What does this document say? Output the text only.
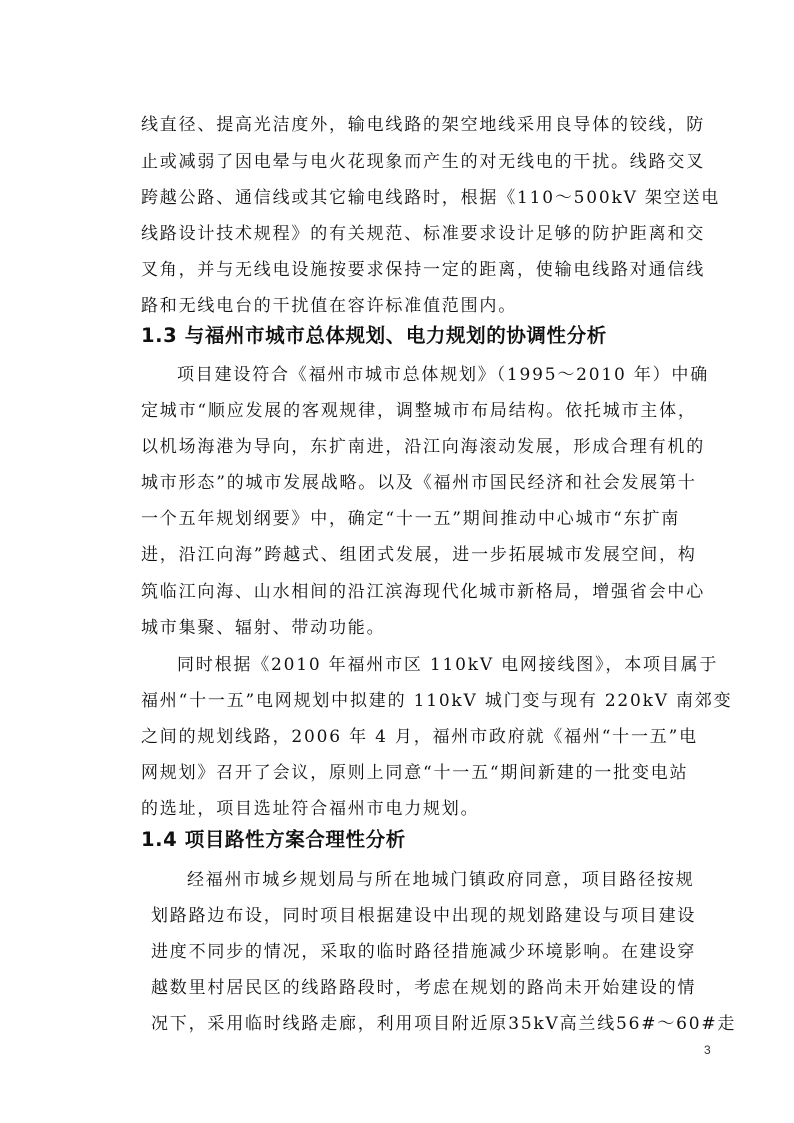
线直径、提高光洁度外，输电线路的架空地线采用良导体的铰线，防
止或减弱了因电晕与电火花现象而产生的对无线电的干扰。线路交叉
跨越公路、通信线或其它输电线路时，根据《110～500kV 架空送电
线路设计技术规程》的有关规范、标准要求设计足够的防护距离和交
叉角，并与无线电设施按要求保持一定的距离，使输电线路对通信线
路和无线电台的干扰值在容许标准值范围内。
1.3 与福州市城市总体规划、电力规划的协调性分析
项目建设符合《福州市城市总体规划》（1995～2010 年）中确
定城市“顺应发展的客观规律，调整城市布局结构。依托城市主体，
以机场海港为导向，东扩南进，沿江向海滚动发展，形成合理有机的
城市形态”的城市发展战略。以及《福州市国民经济和社会发展第十
一个五年规划纲要》中，确定“十一五”期间推动中心城市“东扩南
进，沿江向海”跨越式、组团式发展，进一步拓展城市发展空间，构
筑临江向海、山水相间的沿江滨海现代化城市新格局，增强省会中心
城市集聚、辐射、带动功能。
同时根据《2010 年福州市区 110kV 电网接线图》，本项目属于
福州“十一五”电网规划中拟建的 110kV 城门变与现有 220kV 南郊变
之间的规划线路，2006 年 4 月，福州市政府就《福州“十一五”电
网规划》召开了会议，原则上同意“十一五“期间新建的一批变电站
的选址，项目选址符合福州市电力规划。
1.4 项目路性方案合理性分析
经福州市城乡规划局与所在地城门镇政府同意，项目路径按规
划路路边布设，同时项目根据建设中出现的规划路建设与项目建设
进度不同步的情况，采取的临时路径措施减少环境影响。在建设穿
越数里村居民区的线路路段时，考虑在规划的路尚未开始建设的情
况下，采用临时线路走廊，利用项目附近原35kV高兰线56#～60#走
3
